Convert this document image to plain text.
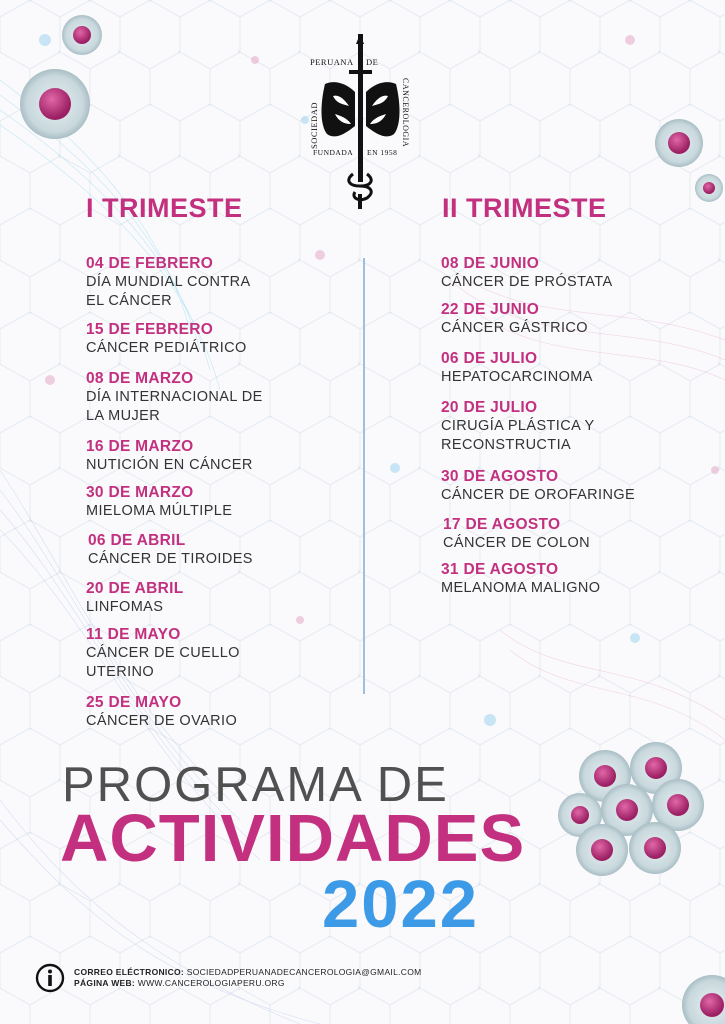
PERUANA DE
SOCIEDAD	CANCEROLOGIA
FUNDADA EN 1958
I TRIMESTE	II TRIMESTE
04 DE FEBRERO
DÍA MUNDIAL CONTRA
EL CÁNCER
15 DE FEBRERO
CÁNCER PEDIÁTRICO
08 DE MARZO
DÍA INTERNACIONAL DE
LA MUJER
16 DE MARZO
NUTICIÓN EN CÁNCER
30 DE MARZO
MIELOMA MÚLTIPLE
06 DE ABRIL
CÁNCER DE TIROIDES
20 DE ABRIL
LINFOMAS
11 DE MAYO
CÁNCER DE CUELLO
UTERINO
25 DE MAYO
CÁNCER DE OVARIO
08 DE JUNIO
CÁNCER DE PRÓSTATA
22 DE JUNIO
CÁNCER GÁSTRICO
06 DE JULIO
HEPATOCARCINOMA
20 DE JULIO
CIRUGÍA PLÁSTICA Y
RECONSTRUCTIA
30 DE AGOSTO
CÁNCER DE OROFARINGE
17 DE AGOSTO
CÁNCER DE COLON
31 DE AGOSTO
MELANOMA MALIGNO
PROGRAMA DE
ACTIVIDADES
2022
CORREO ELÉCTRONICO: SOCIEDADPERUANADECANCEROLOGIA@GMAIL.COM
PÁGINA WEB: WWW.CANCEROLOGIAPERU.ORG
